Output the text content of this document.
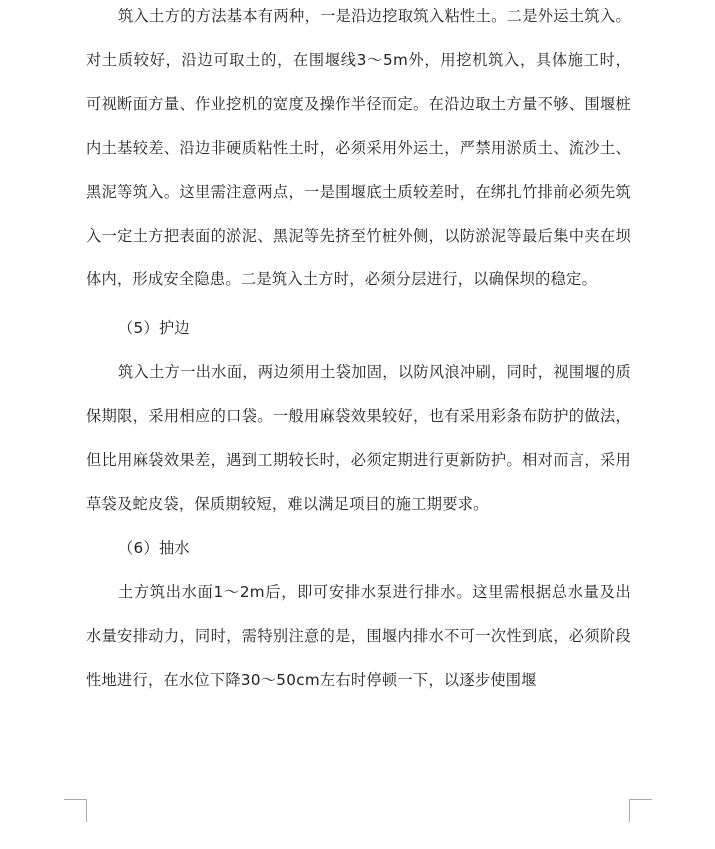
筑入土方的方法基本有两种，一是沿边挖取筑入粘性土。二是外运土筑入。对土质较好，沿边可取土的，在围堰线3～5m外，用挖机筑入，具体施工时，可视断面方量、作业挖机的宽度及操作半径而定。在沿边取土方量不够、围堰桩内土基较差、沿边非硬质粘性土时，必须采用外运土，严禁用淤质土、流沙土、黑泥等筑入。这里需注意两点，一是围堰底土质较差时，在绑扎竹排前必须先筑入一定土方把表面的淤泥、黑泥等先挤至竹桩外侧，以防淤泥等最后集中夹在坝体内，形成安全隐患。二是筑入土方时，必须分层进行，以确保坝的稳定。

（5）护边

筑入土方一出水面，两边须用土袋加固，以防风浪冲刷，同时，视围堰的质保期限，采用相应的口袋。一般用麻袋效果较好，也有采用彩条布防护的做法，但比用麻袋效果差，遇到工期较长时，必须定期进行更新防护。相对而言，采用草袋及蛇皮袋，保质期较短，难以满足项目的施工期要求。

（6）抽水

土方筑出水面1～2m后，即可安排水泵进行排水。这里需根据总水量及出水量安排动力，同时，需特别注意的是，围堰内排水不可一次性到底，必须阶段性地进行，在水位下降30～50cm左右时停顿一下，以逐步使围堰
